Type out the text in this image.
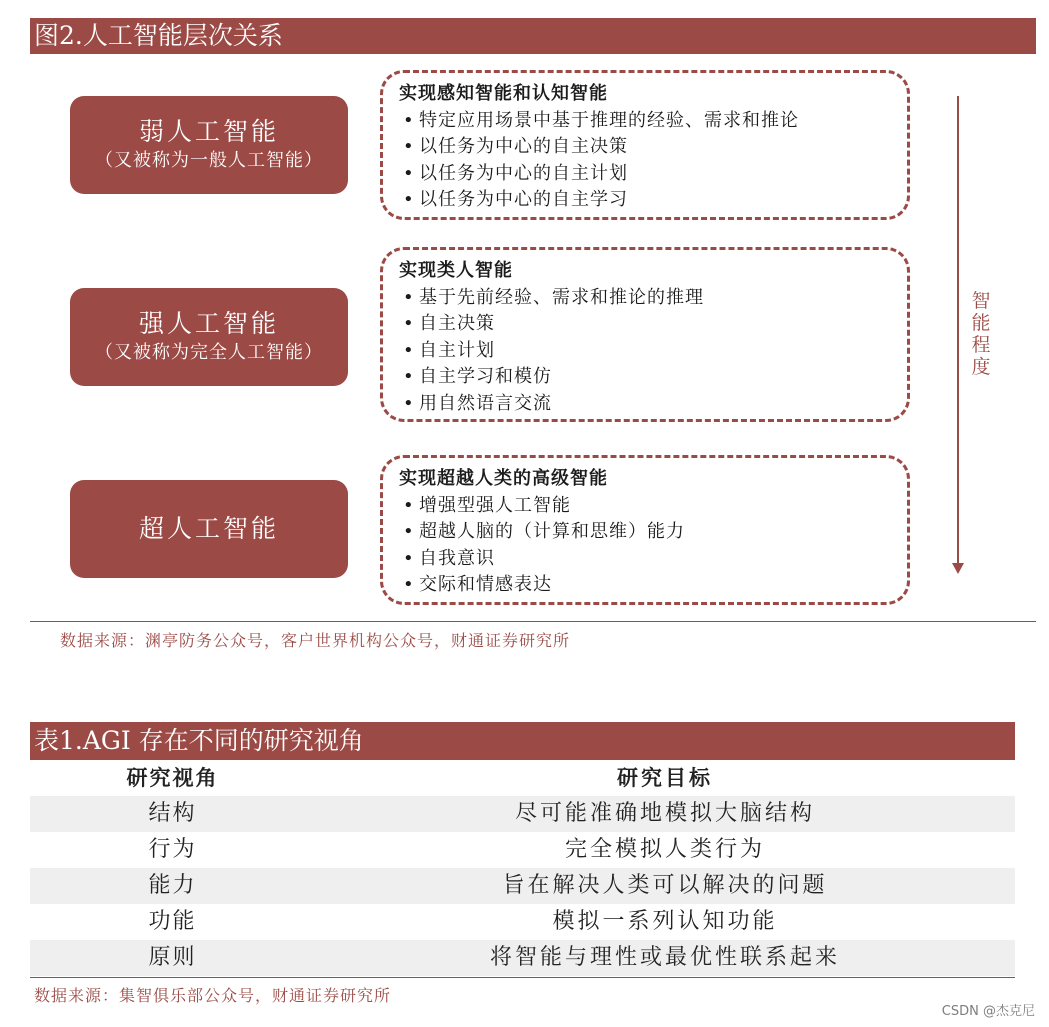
图2.人工智能层次关系
弱人工智能
（又被称为一般人工智能）
实现感知智能和认知智能
• 特定应用场景中基于推理的经验、需求和推论
• 以任务为中心的自主决策
• 以任务为中心的自主计划
• 以任务为中心的自主学习
强人工智能
（又被称为完全人工智能）
实现类人智能
• 基于先前经验、需求和推论的推理
• 自主决策
• 自主计划
• 自主学习和模仿
• 用自然语言交流
超人工智能
实现超越人类的高级智能
• 增强型强人工智能
• 超越人脑的（计算和思维）能力
• 自我意识
• 交际和情感表达
智能程度
数据来源：渊亭防务公众号，客户世界机构公众号，财通证券研究所
表1.AGI 存在不同的研究视角
研究视角	研究目标
结构	尽可能准确地模拟大脑结构
行为	完全模拟人类行为
能力	旨在解决人类可以解决的问题
功能	模拟一系列认知功能
原则	将智能与理性或最优性联系起来
数据来源：集智俱乐部公众号，财通证券研究所
CSDN @杰克尼
